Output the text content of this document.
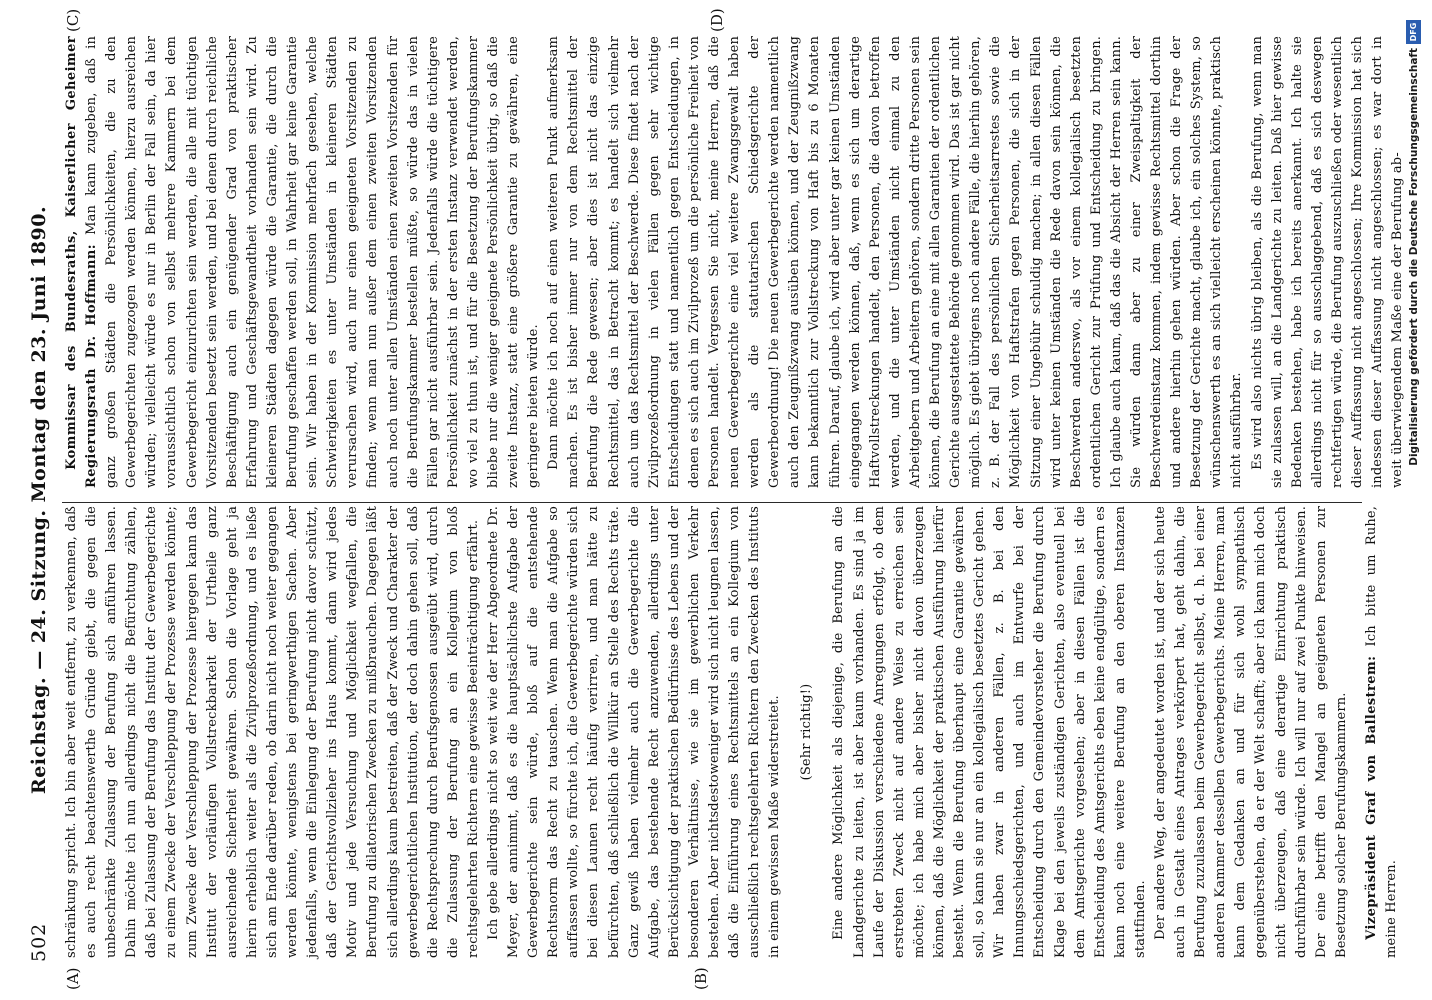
502
Reichstag. — 24. Sitzung. Montag den 23. Juni 1890.
(A)	(B)
(C)	(D)

schränkung spricht. Ich bin aber weit entfernt, zu verkennen, daß es auch recht beachtenswerthe Gründe giebt, die gegen die unbeschränkte Zulassung der Berufung sich anführen lassen. Dahin möchte ich nun allerdings nicht die Befürchtung zählen, daß bei Zulassung der Berufung das Institut der Gewerbegerichte zu einem Zwecke der Verschleppung der Prozesse werden könnte; zum Zwecke der Verschleppung der Prozesse hiergegen kann das Institut der vorläufigen Vollstreckbarkeit der Urtheile ganz ausreichende Sicherheit gewähren. Schon die Vorlage geht ja hierin erheblich weiter als die Zivilprozeßordnung, und es ließe sich am Ende darüber reden, ob darin nicht noch weiter gegangen werden könnte, wenigstens bei geringwerthigen Sachen. Aber jedenfalls, wenn die Einlegung der Berufung nicht davor schützt, daß der Gerichtsvollzieher ins Haus kommt, dann wird jedes Motiv und jede Versuchung und Möglichkeit wegfallen, die Berufung zu dilatorischen Zwecken zu mißbrauchen. Dagegen läßt sich allerdings kaum bestreiten, daß der Zweck und Charakter der gewerbegerichtlichen Institution, der doch dahin gehen soll, daß die Rechtsprechung durch Berufsgenossen ausgeübt wird, durch die Zulassung der Berufung an ein Kollegium von bloß rechtsgelehrten Richtern eine gewisse Beeinträchtigung erfährt. Ich gebe allerdings nicht so weit wie der Herr Abgeordnete Dr. Meyer, der annimmt, daß es die hauptsächlichste Aufgabe der Gewerbegerichte sein würde, bloß auf die entstehende Rechtsnorm das Recht zu tauschen. Wenn man die Aufgabe so auffassen wollte, so fürchte ich, die Gewerbegerichte würden sich bei diesen Launen recht häufig verirren, und man hätte zu befürchten, daß schließlich die Willkür an Stelle des Rechts träte. Ganz gewiß haben vielmehr auch die Gewerbegerichte die Aufgabe, das bestehende Recht anzuwenden, allerdings unter Berücksichtigung der praktischen Bedürfnisse des Lebens und der besonderen Verhältnisse, wie sie im gewerblichen Verkehr bestehen. Aber nichtsdestoweniger wird sich nicht leugnen lassen, daß die Einführung eines Rechtsmittels an ein Kollegium von ausschließlich rechtsgelehrten Richtern den Zwecken des Instituts in einem gewissen Maße widerstreitet. (Sehr richtig!) Eine andere Möglichkeit als diejenige, die Berufung an die Landgerichte zu leiten, ist aber kaum vorhanden. Es sind ja im Laufe der Diskussion verschiedene Anregungen erfolgt, ob dem erstrebten Zweck nicht auf andere Weise zu erreichen sein möchte; ich habe mich aber bisher nicht davon überzeugen können, daß die Möglichkeit der praktischen Ausführung hierfür besteht. Wenn die Berufung überhaupt eine Garantie gewähren soll, so kann sie nur an ein kollegialisch besetztes Gericht gehen. Wir haben zwar in anderen Fällen, z. B. bei den Innungsschiedsgerichten, und auch im Entwurfe bei der Entscheidung durch den Gemeindevorsteher die Berufung durch Klage bei den jeweils zuständigen Gerichten, also eventuell bei dem Amtsgerichte vorgesehen; aber in diesen Fällen ist die Entscheidung des Amtsgerichts eben keine endgültige, sondern es kann noch eine weitere Berufung an den oberen Instanzen stattfinden. Der andere Weg, der angedeutet worden ist, und der sich heute auch in Gestalt eines Antrages verkörpert hat, geht dahin, die Berufung zuzulassen beim Gewerbegericht selbst, d. h. bei einer anderen Kammer desselben Gewerbegerichts. Meine Herren, man kann dem Gedanken an und für sich wohl sympathisch gegenüberstehen, da er der Welt schafft; aber ich kann mich doch nicht überzeugen, daß eine derartige Einrichtung praktisch durchführbar sein würde. Ich will nur auf zwei Punkte hinweisen. Der eine betrifft den Mangel an geeigneten Personen zur Besetzung solcher Berufungskammern. Vizepräsident Graf von Ballestrem: Ich bitte um Ruhe, meine Herren.

Kommissar des Bundesraths, Kaiserlicher Geheimer Regierungsrath Dr. Hoffmann: Man kann zugeben, daß in ganz großen Städten die Persönlichkeiten, die zu den Gewerbegerichten zugezogen werden können, hierzu ausreichen würden; vielleicht würde es nur in Berlin der Fall sein, da hier voraussichtlich schon von selbst mehrere Kammern bei dem Gewerbegericht einzurichten sein werden, die alle mit tüchtigen Vorsitzenden besetzt sein werden, und bei denen durch reichliche Beschäftigung auch ein genügender Grad von praktischer Erfahrung und Geschäftsgewandtheit vorhanden sein wird. Zu kleineren Städten dagegen würde die Garantie, die durch die Berufung geschaffen werden soll, in Wahrheit gar keine Garantie sein. Wir haben in der Kommission mehrfach gesehen, welche Schwierigkeiten es unter Umständen in kleineren Städten verursachen wird, auch nur einen geeigneten Vorsitzenden zu finden; wenn man nun außer dem einen zweiten Vorsitzenden auch noch unter allen Umständen einen zweiten Vorsitzenden für die Berufungskammer bestellen müßte, so würde das in vielen Fällen gar nicht ausführbar sein. Jedenfalls würde die tüchtigere Persönlichkeit zunächst in der ersten Instanz verwendet werden, wo viel zu thun ist, und für die Besetzung der Berufungskammer bliebe nur die weniger geeignete Persönlichkeit übrig, so daß die zweite Instanz, statt eine größere Garantie zu gewähren, eine geringere bieten würde. Dann möchte ich noch auf einen weiteren Punkt aufmerksam machen. Es ist bisher immer nur von dem Rechtsmittel der Berufung die Rede gewesen; aber dies ist nicht das einzige Rechtsmittel, das in Betracht kommt; es handelt sich vielmehr auch um das Rechtsmittel der Beschwerde. Diese findet nach der Zivilprozeßordnung in vielen Fällen gegen sehr wichtige Entscheidungen statt und namentlich gegen Entscheidungen, in denen es sich auch im Zivilprozeß um die persönliche Freiheit von Personen handelt. Vergessen Sie nicht, meine Herren, daß die neuen Gewerbegerichte eine viel weitere Zwangsgewalt haben werden als die statutarischen Schiedsgerichte der Gewerbeordnung! Die neuen Gewerbegerichte werden namentlich auch den Zeugnißzwang ausüben können, und der Zeugnißzwang kann bekanntlich zur Vollstreckung von Haft bis zu 6 Monaten führen. Darauf, glaube ich, wird aber unter gar keinen Umständen eingegangen werden können, daß, wenn es sich um derartige Haftvollstreckungen handelt, den Personen, die davon betroffen werden, und die unter Umständen nicht einmal zu den Arbeitgebern und Arbeitern gehören, sondern dritte Personen sein können, die Berufung an eine mit allen Garantien der ordentlichen Gerichte ausgestattete Behörde genommen wird. Das ist gar nicht möglich. Es giebt übrigens noch andere Fälle, die hierhin gehören, z. B. der Fall des persönlichen Sicherheitsarrestes sowie die Möglichkeit von Haftstrafen gegen Personen, die sich in der Sitzung einer Ungebühr schuldig machen; in allen diesen Fällen wird unter keinen Umständen die Rede davon sein können, die Beschwerden anderswo, als vor einem kollegialisch besetzten ordentlichen Gericht zur Prüfung und Entscheidung zu bringen. Ich glaube auch kaum, daß das die Absicht der Herren sein kann. Sie würden dann aber zu einer Zweispaltigkeit der Beschwerdeinstanz kommen, indem gewisse Rechtsmittel dorthin und andere hierhin gehen würden. Aber schon die Frage der Besetzung der Gerichte macht, glaube ich, ein solches System, so wünschenswerth es an sich vielleicht erscheinen könnte, praktisch nicht ausführbar. Es wird also nichts übrig bleiben, als die Berufung, wenn man sie zulassen will, an die Landgerichte zu leiten. Daß hier gewisse Bedenken bestehen, habe ich bereits anerkannt. Ich halte sie allerdings nicht für so ausschlaggebend, daß es sich deswegen rechtfertigen würde, die Berufung auszuschließen oder wesentlich dieser Auffassung nicht angeschlossen; Ihre Kommission hat sich indessen dieser Auffassung nicht angeschlossen; es war dort in weit überwiegendem Maße eine der Berufung ab- Digitalisierung gefördert durch die Deutsche Forschungsgemeinschaft
DFG
